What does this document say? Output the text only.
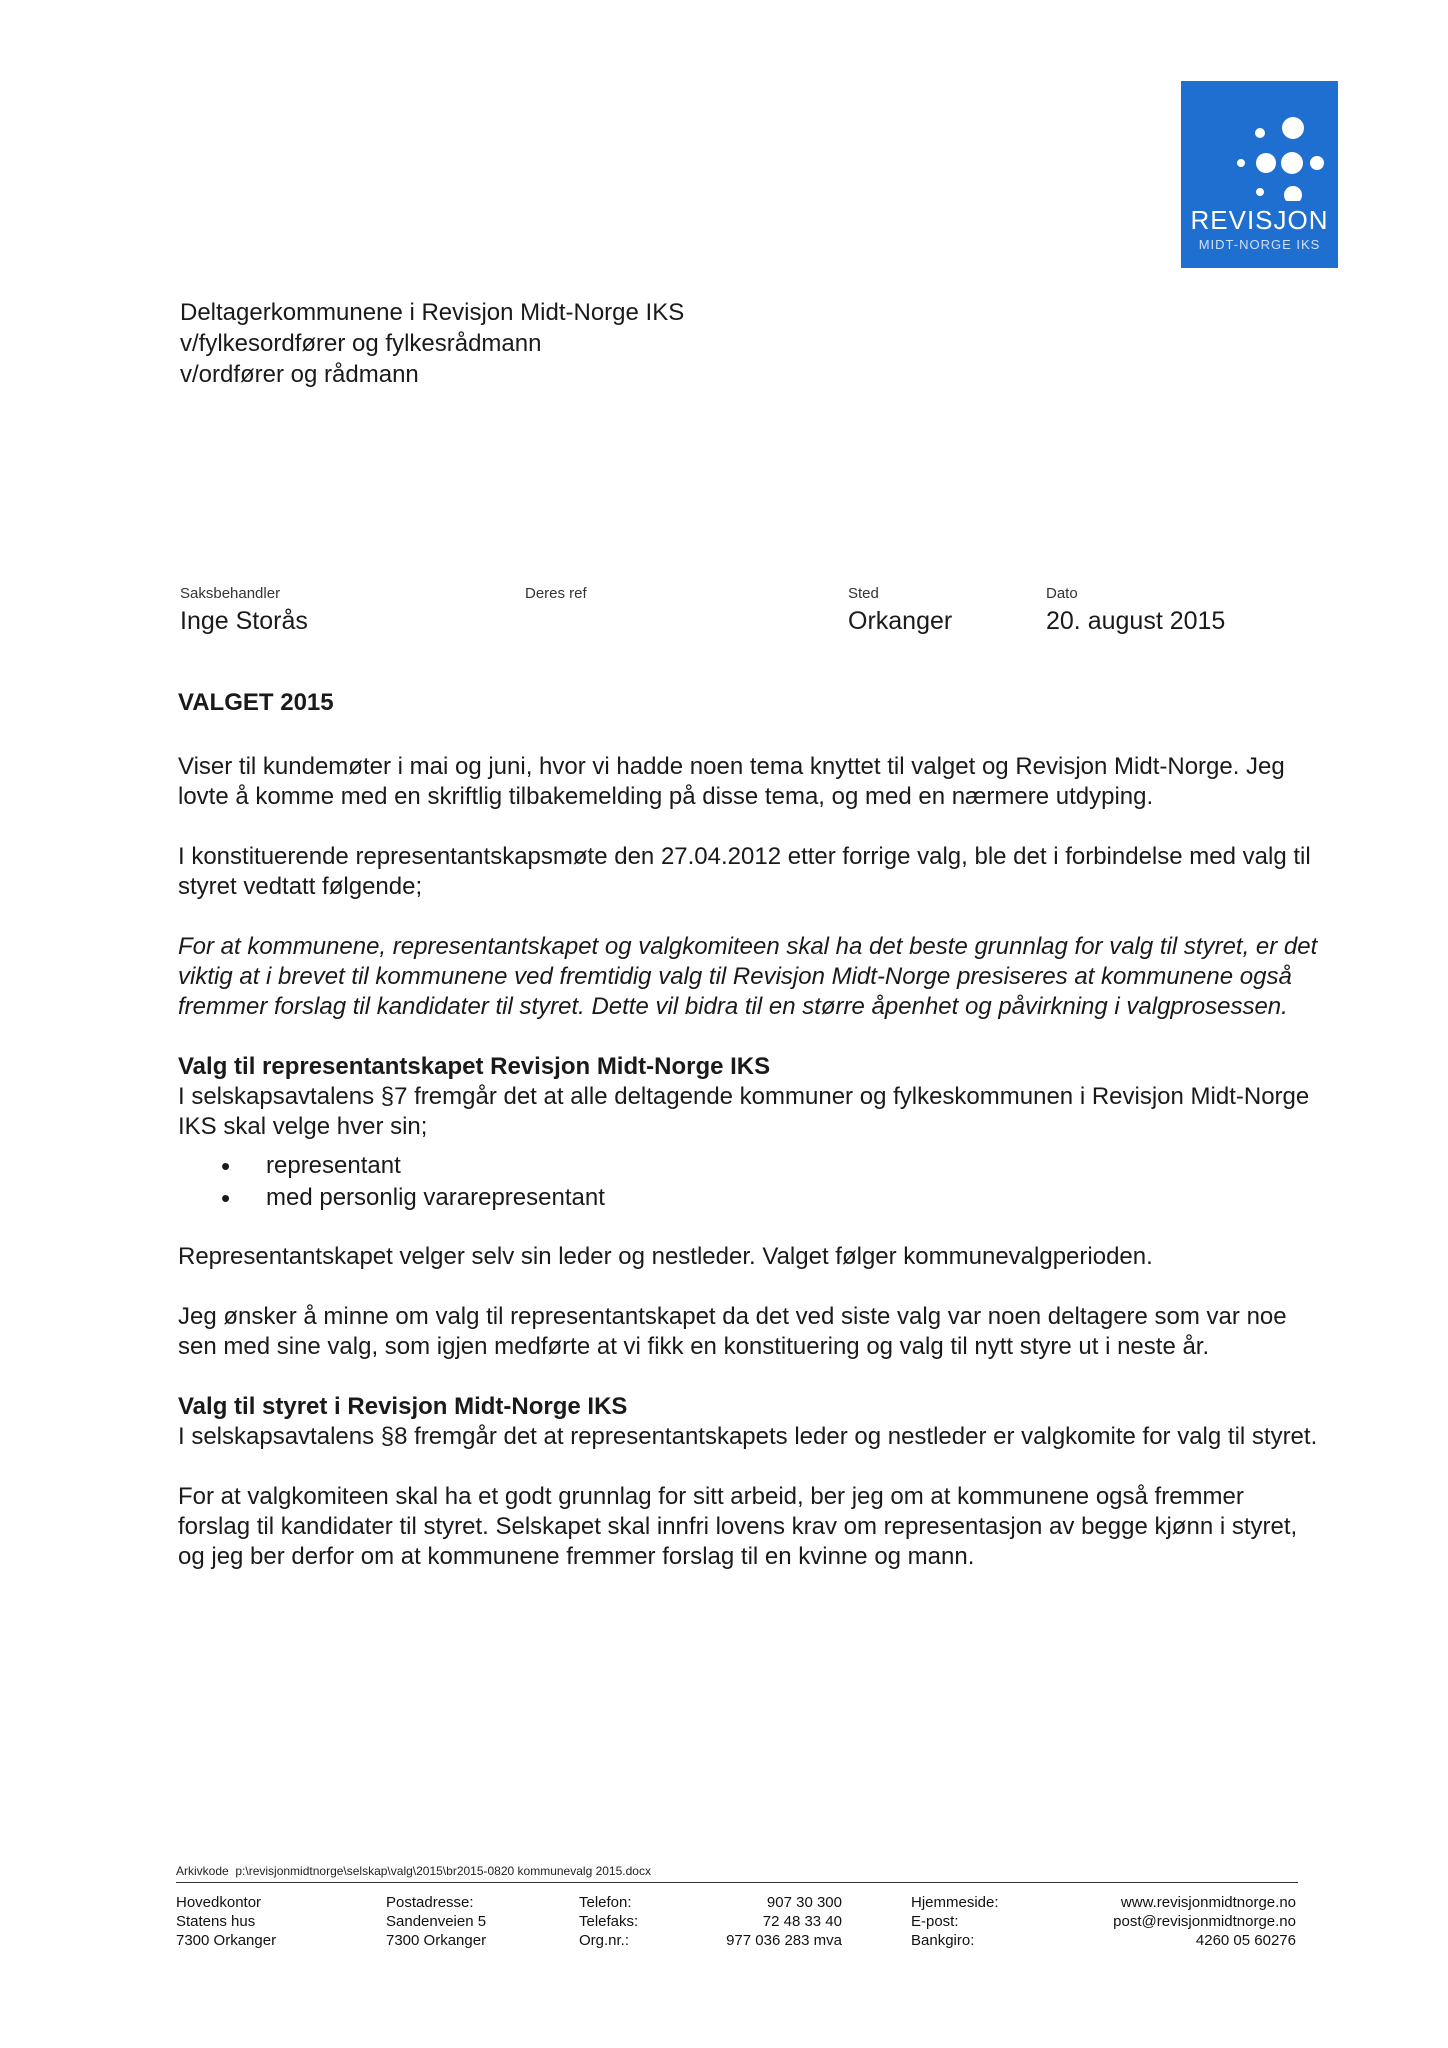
REVISJON
MIDT-NORGE IKS
Deltagerkommunene i Revisjon Midt-Norge IKS
v/fylkesordfører og fylkesrådmann
v/ordfører og rådmann
Saksbehandler
Inge Storås
Deres ref	Sted
Orkanger
Dato
20. august 2015

VALGET 2015

Viser til kundemøter i mai og juni, hvor vi hadde noen tema knyttet til valget og Revisjon Midt-Norge. Jeg lovte å komme med en skriftlig tilbakemelding på disse tema, og med en nærmere utdyping.

I konstituerende representantskapsmøte den 27.04.2012 etter forrige valg, ble det i forbindelse med valg til styret vedtatt følgende;

For at kommunene, representantskapet og valgkomiteen skal ha det beste grunnlag for valg til styret, er det viktig at i brevet til kommunene ved fremtidig valg til Revisjon Midt-Norge presiseres at kommunene også fremmer forslag til kandidater til styret. Dette vil bidra til en større åpenhet og påvirkning i valgprosessen.

Valg til representantskapet Revisjon Midt-Norge IKS

I selskapsavtalens §7 fremgår det at alle deltagende kommuner og fylkeskommunen i Revisjon Midt-Norge IKS skal velge hver sin;

• representant
• med personlig vararepresentant

Representantskapet velger selv sin leder og nestleder. Valget følger kommunevalgperioden.

Jeg ønsker å minne om valg til representantskapet da det ved siste valg var noen deltagere som var noe sen med sine valg, som igjen medførte at vi fikk en konstituering og valg til nytt styre ut i neste år.

Valg til styret i Revisjon Midt-Norge IKS

I selskapsavtalens §8 fremgår det at representantskapets leder og nestleder er valgkomite for valg til styret.

For at valgkomiteen skal ha et godt grunnlag for sitt arbeid, ber jeg om at kommunene også fremmer forslag til kandidater til styret. Selskapet skal innfri lovens krav om representasjon av begge kjønn i styret, og jeg ber derfor om at kommunene fremmer forslag til en kvinne og mann.

Arkivkode p:\revisjonmidtnorge\selskap\valg\2015\br2015-0820 kommunevalg 2015.docx
Hovedkontor
Statens hus
7300 Orkanger
Postadresse:
Sandenveien 5
7300 Orkanger
Telefon:
Telefaks:
Org.nr.:
907 30 300
72 48 33 40
977 036 283 mva
Hjemmeside:
E-post:
Bankgiro:
www.revisjonmidtnorge.no
post@revisjonmidtnorge.no
4260 05 60276
